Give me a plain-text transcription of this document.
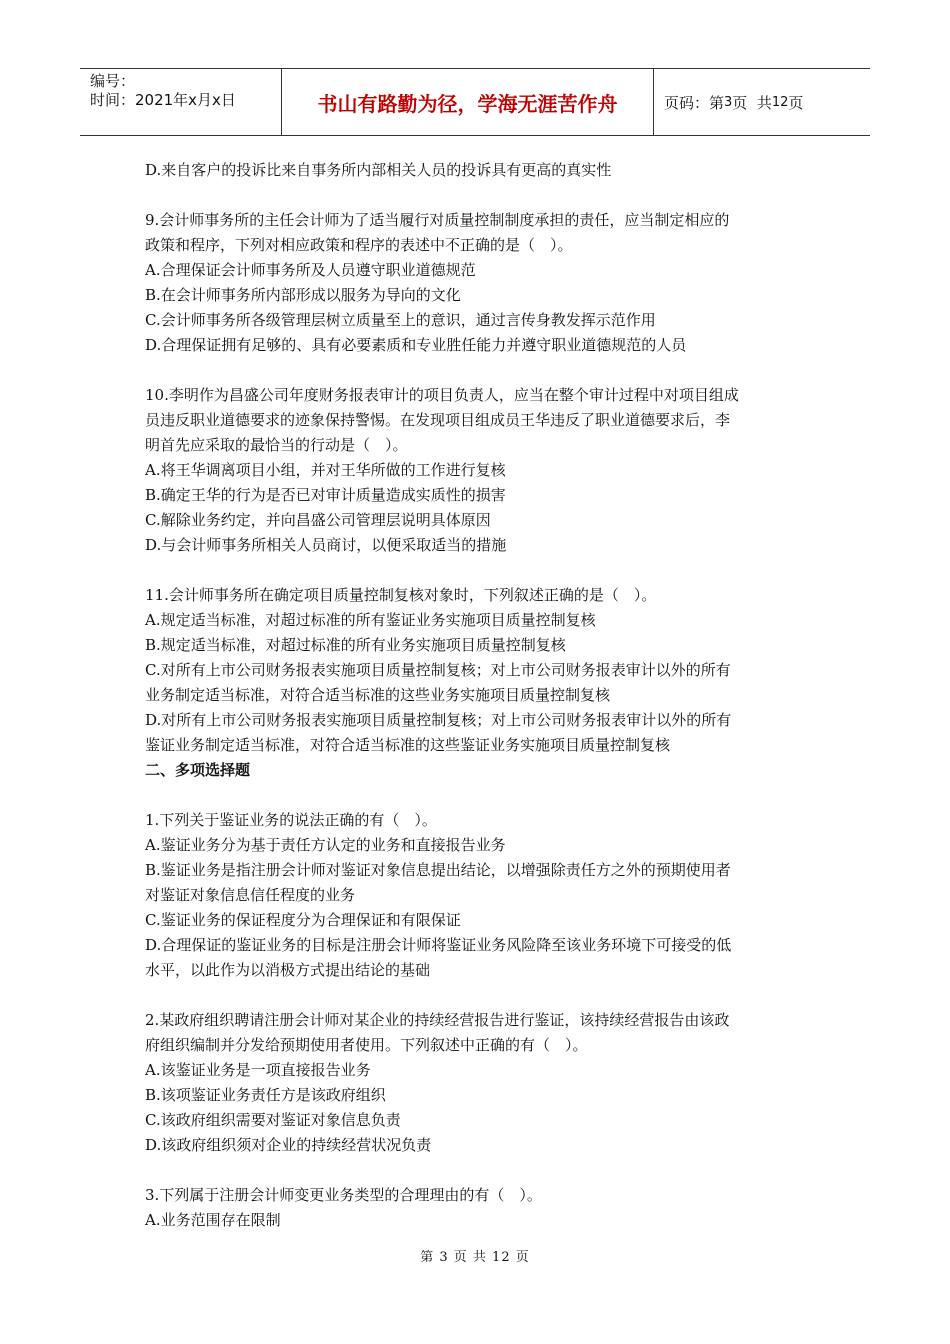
编号：
时间：2021年x月x日	书山有路勤为径，学海无涯苦作舟	页码：第 3 页  共 12 页
D.来自客户的投诉比来自事务所内部相关人员的投诉具有更高的真实性
9.会计师事务所的主任会计师为了适当履行对质量控制制度承担的责任，应当制定相应的
政策和程序，下列对相应政策和程序的表述中不正确的是（　）。
A.合理保证会计师事务所及人员遵守职业道德规范
B.在会计师事务所内部形成以服务为导向的文化
C.会计师事务所各级管理层树立质量至上的意识，通过言传身教发挥示范作用
D.合理保证拥有足够的、具有必要素质和专业胜任能力并遵守职业道德规范的人员
10.李明作为昌盛公司年度财务报表审计的项目负责人，应当在整个审计过程中对项目组成
员违反职业道德要求的迹象保持警惕。在发现项目组成员王华违反了职业道德要求后，李
明首先应采取的最恰当的行动是（　）。
A.将王华调离项目小组，并对王华所做的工作进行复核
B.确定王华的行为是否已对审计质量造成实质性的损害
C.解除业务约定，并向昌盛公司管理层说明具体原因
D.与会计师事务所相关人员商讨，以便采取适当的措施
11.会计师事务所在确定项目质量控制复核对象时，下列叙述正确的是（　）。
A.规定适当标准，对超过标准的所有鉴证业务实施项目质量控制复核
B.规定适当标准，对超过标准的所有业务实施项目质量控制复核
C.对所有上市公司财务报表实施项目质量控制复核；对上市公司财务报表审计以外的所有
业务制定适当标准，对符合适当标准的这些业务实施项目质量控制复核
D.对所有上市公司财务报表实施项目质量控制复核；对上市公司财务报表审计以外的所有
鉴证业务制定适当标准，对符合适当标准的这些鉴证业务实施项目质量控制复核
二、多项选择题
1.下列关于鉴证业务的说法正确的有（　）。
A.鉴证业务分为基于责任方认定的业务和直接报告业务
B.鉴证业务是指注册会计师对鉴证对象信息提出结论，以增强除责任方之外的预期使用者
对鉴证对象信息信任程度的业务
C.鉴证业务的保证程度分为合理保证和有限保证
D.合理保证的鉴证业务的目标是注册会计师将鉴证业务风险降至该业务环境下可接受的低
水平，以此作为以消极方式提出结论的基础
2.某政府组织聘请注册会计师对某企业的持续经营报告进行鉴证，该持续经营报告由该政
府组织编制并分发给预期使用者使用。下列叙述中正确的有（　）。
A.该鉴证业务是一项直接报告业务
B.该项鉴证业务责任方是该政府组织
C.该政府组织需要对鉴证对象信息负责
D.该政府组织须对企业的持续经营状况负责
3.下列属于注册会计师变更业务类型的合理理由的有（　）。
A.业务范围存在限制
第 3 页 共 12 页
